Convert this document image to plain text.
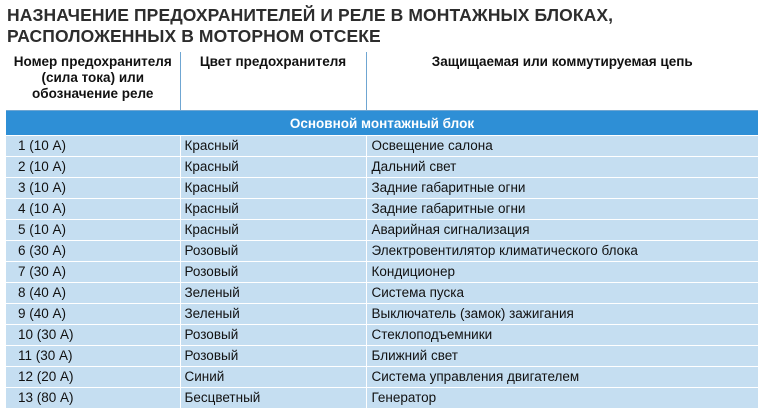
НАЗНАЧЕНИЕ ПРЕДОХРАНИТЕЛЕЙ И РЕЛЕ В МОНТАЖНЫХ БЛОКАХ,
РАСПОЛОЖЕННЫХ В МОТОРНОМ ОТСЕКЕ
Номер предохранителя (сила тока) или обозначение реле	Цвет предохранителя	Защищаемая или коммутируемая цепь
Основной монтажный блок		
1 (10 А)	Красный	Освещение салона
2 (10 А)	Красный	Дальний свет
3 (10 А)	Красный	Задние габаритные огни
4 (10 А)	Красный	Задние габаритные огни
5 (10 А)	Красный	Аварийная сигнализация
6 (30 А)	Розовый	Электровентилятор климатического блока
7 (30 А)	Розовый	Кондиционер
8 (40 А)	Зеленый	Система пуска
9 (40 А)	Зеленый	Выключатель (замок) зажигания
10 (30 А)	Розовый	Стеклоподъемники
11 (30 А)	Розовый	Ближний свет
12 (20 А)	Синий	Система управления двигателем
13 (80 А)	Бесцветный	Генератор
